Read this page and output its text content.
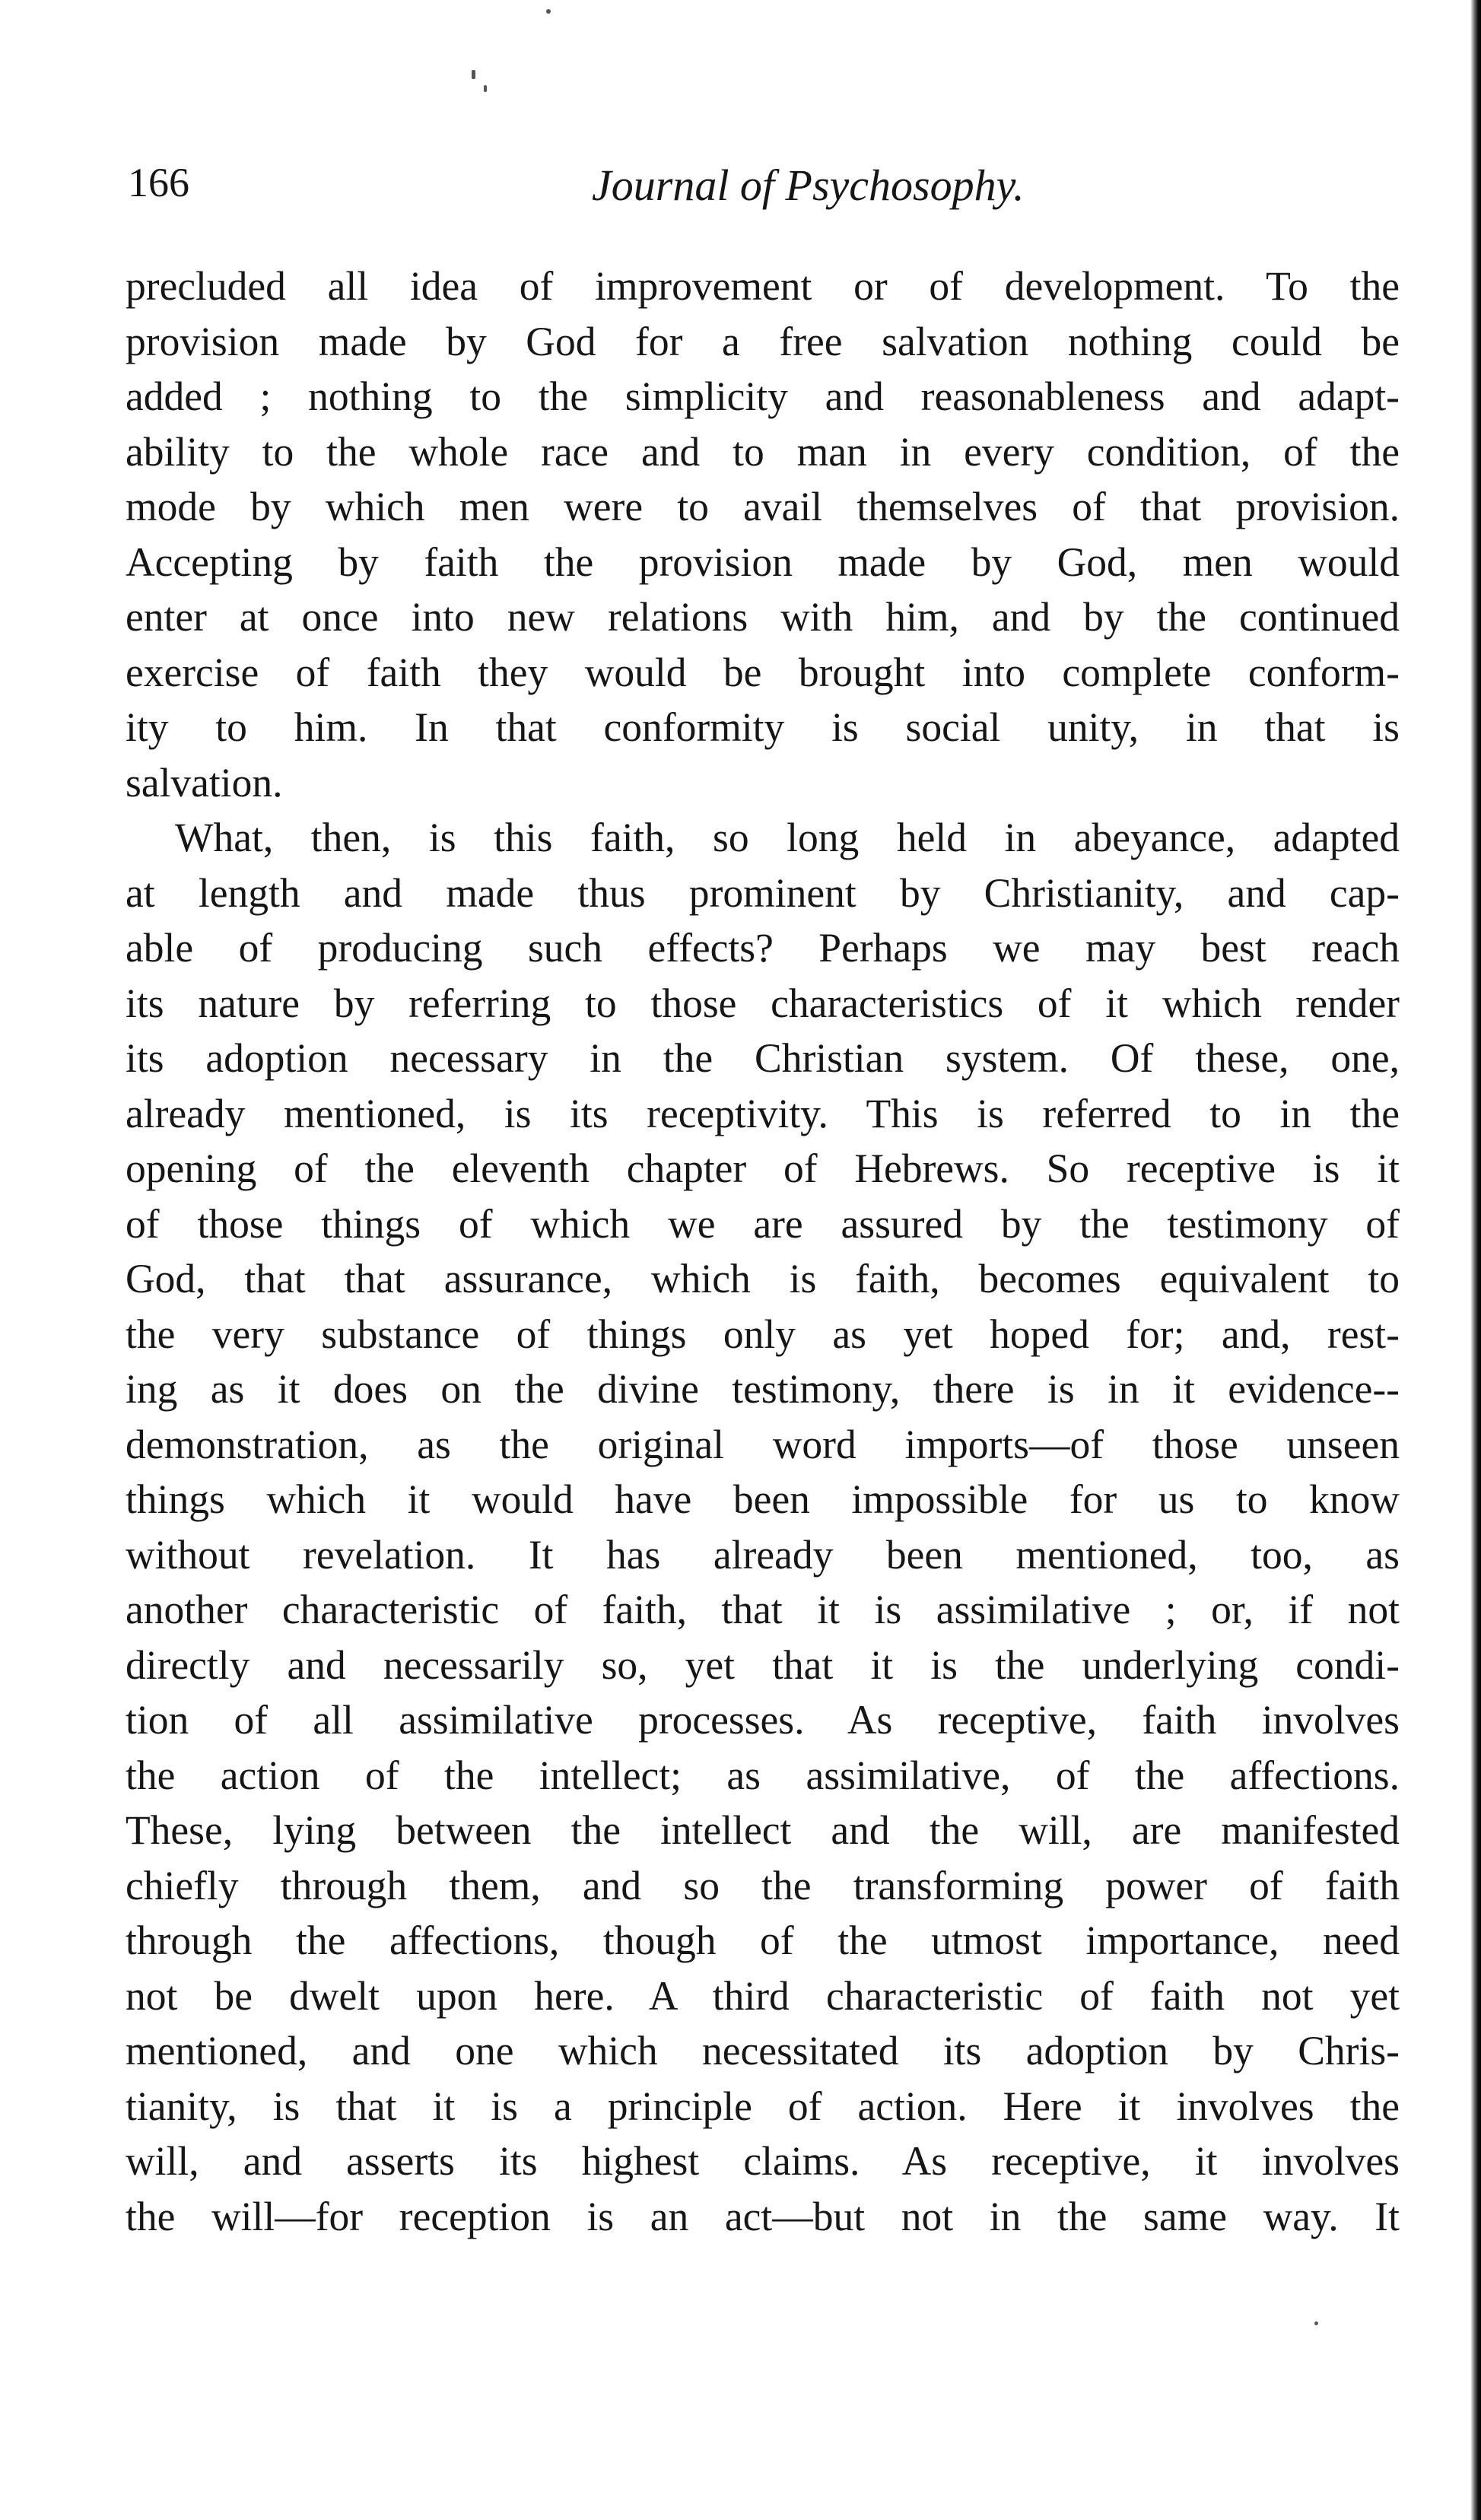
166	Journal of Psychosophy.
precluded all idea of improvement or of development. To the
provision made by God for a free salvation nothing could be
added ; nothing to the simplicity and reasonableness and adapt-
ability to the whole race and to man in every condition, of the
mode by which men were to avail themselves of that provision.
Accepting by faith the provision made by God, men would
enter at once into new relations with him, and by the continued
exercise of faith they would be brought into complete conform-
ity to him. In that conformity is social unity, in that is
salvation.
What, then, is this faith, so long held in abeyance, adapted
at length and made thus prominent by Christianity, and cap-
able of producing such effects? Perhaps we may best reach
its nature by referring to those characteristics of it which render
its adoption necessary in the Christian system. Of these, one,
already mentioned, is its receptivity. This is referred to in the
opening of the eleventh chapter of Hebrews. So receptive is it
of those things of which we are assured by the testimony of
God, that that assurance, which is faith, becomes equivalent to
the very substance of things only as yet hoped for; and, rest-
ing as it does on the divine testimony, there is in it evidence--
demonstration, as the original word imports—of those unseen
things which it would have been impossible for us to know
without revelation. It has already been mentioned, too, as
another characteristic of faith, that it is assimilative ; or, if not
directly and necessarily so, yet that it is the underlying condi-
tion of all assimilative processes. As receptive, faith involves
the action of the intellect; as assimilative, of the affections.
These, lying between the intellect and the will, are manifested
chiefly through them, and so the transforming power of faith
through the affections, though of the utmost importance, need
not be dwelt upon here. A third characteristic of faith not yet
mentioned, and one which necessitated its adoption by Chris-
tianity, is that it is a principle of action. Here it involves the
will, and asserts its highest claims. As receptive, it involves
the will—for reception is an act—but not in the same way. It
